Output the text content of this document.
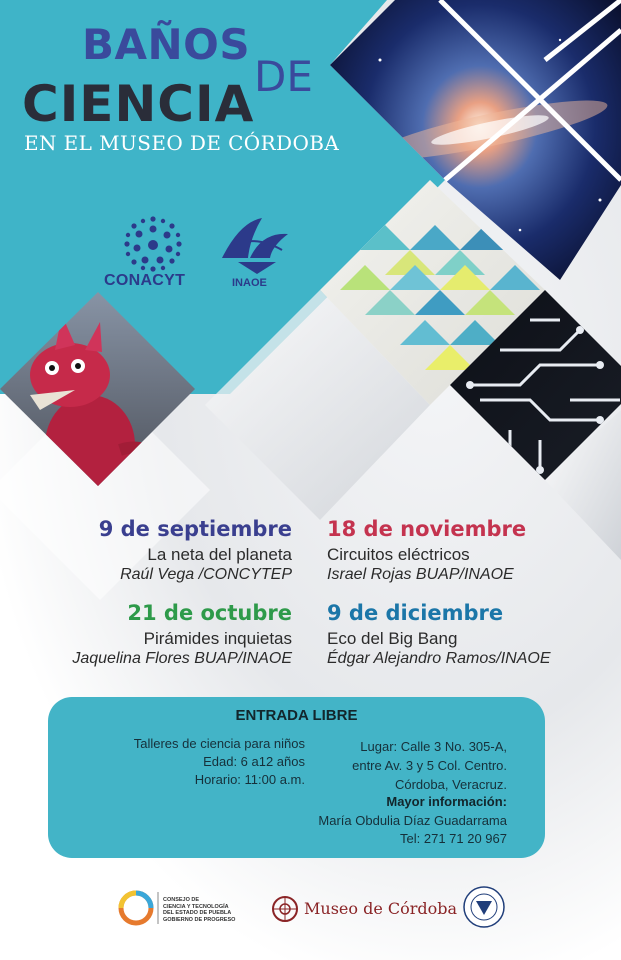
BAÑOS
DE
CIENCIA
EN EL MUSEO DE CÓRDOBA
CONACYT	INAOE
9 de septiembre
La neta del planeta
Raúl Vega /CONCYTEP
18 de noviembre
Circuitos eléctricos
Israel Rojas BUAP/INAOE
21 de octubre
Pirámides inquietas
Jaquelina Flores BUAP/INAOE
9 de diciembre
Eco del Big Bang
Édgar Alejandro Ramos/INAOE
ENTRADA LIBRE
Talleres de ciencia para niños
Edad: 6 a12 años
Horario: 11:00 a.m.
Lugar: Calle 3 No. 305-A,
entre Av. 3 y 5 Col. Centro.
Córdoba, Veracruz.
Mayor información:
María Obdulia Díaz Guadarrama
Tel: 271 71 20 967
CONSEJO DE
CIENCIA Y TECNOLOGÍA
DEL ESTADO DE PUEBLA
GOBIERNO DE PROGRESO
Museo de Córdoba
